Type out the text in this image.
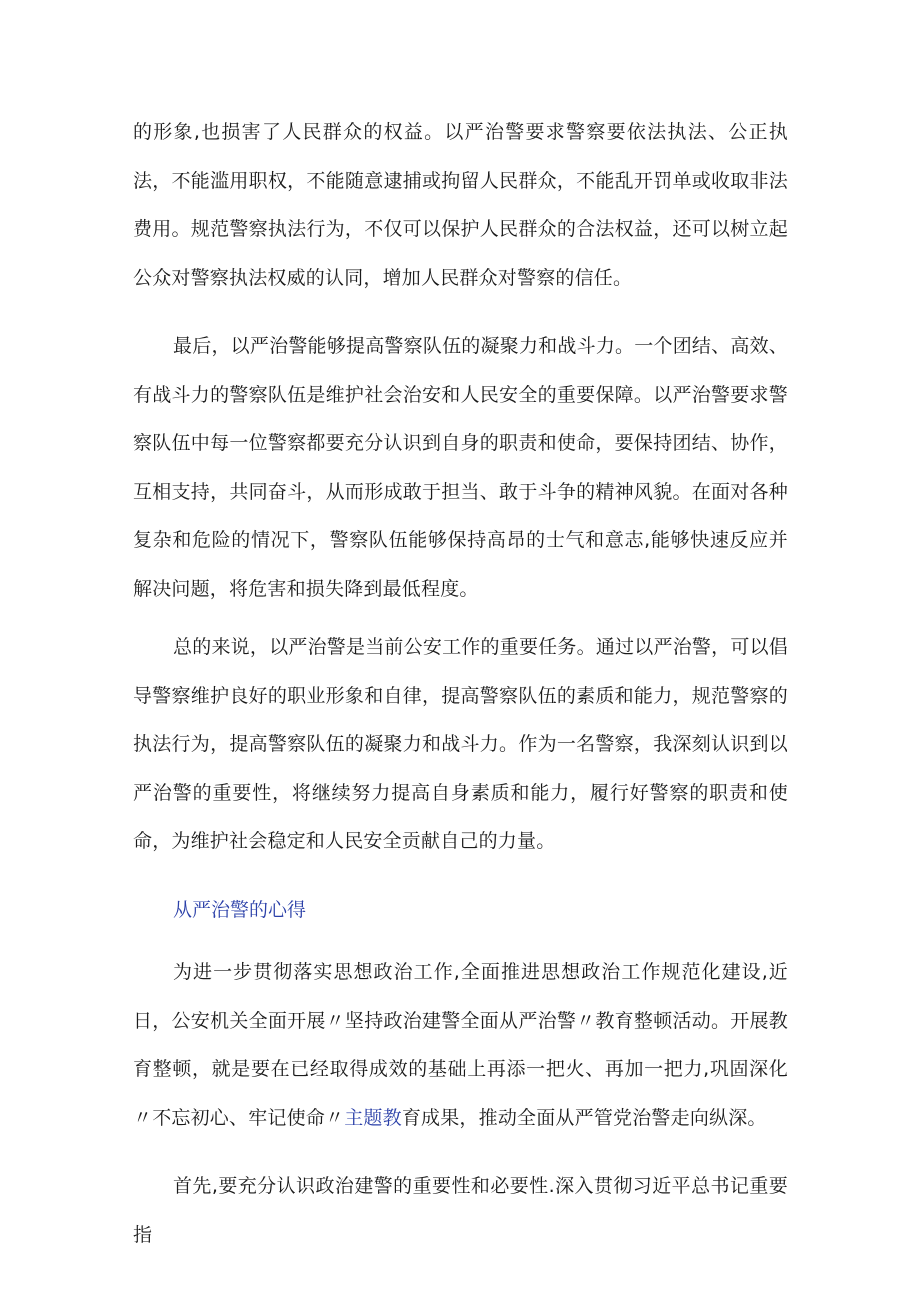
的形象,也损害了人民群众的权益。以严治警要求警察要依法执法、公正执法，不能滥用职权，不能随意逮捕或拘留人民群众，不能乱开罚单或收取非法费用。规范警察执法行为，不仅可以保护人民群众的合法权益，还可以树立起公众对警察执法权威的认同，增加人民群众对警察的信任。

最后，以严治警能够提高警察队伍的凝聚力和战斗力。一个团结、高效、有战斗力的警察队伍是维护社会治安和人民安全的重要保障。以严治警要求警察队伍中每一位警察都要充分认识到自身的职责和使命，要保持团结、协作，互相支持，共同奋斗，从而形成敢于担当、敢于斗争的精神风貌。在面对各种复杂和危险的情况下，警察队伍能够保持高昂的士气和意志,能够快速反应并解决问题，将危害和损失降到最低程度。

总的来说，以严治警是当前公安工作的重要任务。通过以严治警，可以倡导警察维护良好的职业形象和自律，提高警察队伍的素质和能力，规范警察的执法行为，提高警察队伍的凝聚力和战斗力。作为一名警察，我深刻认识到以严治警的重要性，将继续努力提高自身素质和能力，履行好警察的职责和使命，为维护社会稳定和人民安全贡献自己的力量。

从严治警的心得

为进一步贯彻落实思想政治工作,全面推进思想政治工作规范化建设,近日，公安机关全面开展〃坚持政治建警全面从严治警〃教育整顿活动。开展教育整顿，就是要在已经取得成效的基础上再添一把火、再加一把力,巩固深化〃不忘初心、牢记使命〃主题教育成果，推动全面从严管党治警走向纵深。

首先,要充分认识政治建警的重要性和必要性.深入贯彻习近平总书记重要指
